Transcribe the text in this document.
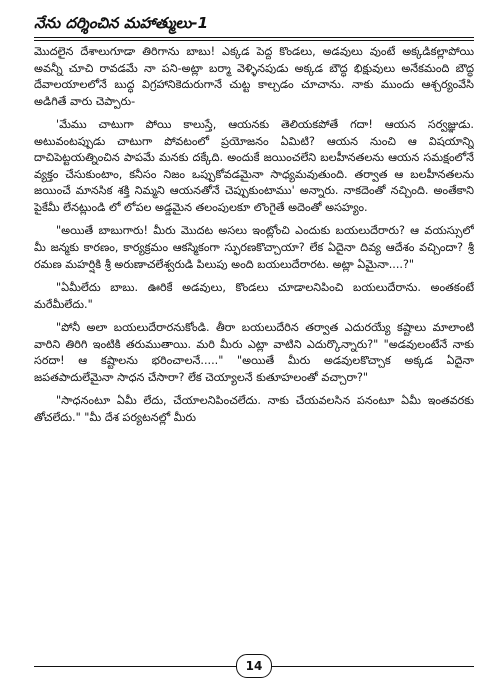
నేను దర్శించిన మహాత్ములు-1

మొదలైన దేశాలుగూడా తిరిగాను బాబు! ఎక్కడ పెద్ద కొండలు, అడవులు వుంటే అక్కడికల్లాపోయి అవన్నీ చూచి రావడమే నా పని-అట్లా బర్మా వెళ్ళినపుడు అక్కడ బౌద్ధ భిక్షువులు అనేకమంది బౌద్ధ దేవాలయాలలోనే బుద్ధ విగ్రహానికెదురుగానే చుట్ట కాల్చడం చూచాను. నాకు ముందు ఆశ్చర్యంవేసి అడిగితే వారు చెప్పారు-

'మేము చాటుగా పోయి కాలుస్తే, ఆయనకు తెలియకపోతే గదా! ఆయన సర్వజ్ఞుడు. అటువంటప్పుడు చాటుగా పోవటంలో ప్రయోజనం ఏమిటి? ఆయన నుంచి ఆ విషయాన్ని దాచిపెట్టయత్నించిన పాపమే మనకు దక్కేది. అందుకే జయించలేని బలహీనతలను ఆయన సమక్షంలోనే వ్యక్తం చేసుకుంటాం, కనీసం నిజం ఒప్పుకోవడమైనా సాధ్యమవుతుంది. తర్వాత ఆ బలహీనతలను జయించే మానసిక శక్తి నిమ్మని ఆయనతోనే చెప్పుకుంటాము' అన్నారు. నాకదెంతో నచ్చింది. అంతేకాని పైకేమీ లేనట్లుండి లో లోపల అడ్డమైన తలంపులకూ లొంగైతే అదెంతో అసహ్యం.

"అయితే బాబుగారు! మీరు మొదట అసలు ఇంట్లోంచి ఎందుకు బయలుదేరారు? ఆ వయస్సులో మీ జన్మకు కారణం, కార్యక్రమం ఆకస్మికంగా స్ఫురణకొచ్చాయా? లేక ఏదైనా దివ్య ఆదేశం వచ్చిందా? శ్రీ రమణ మహర్షికి శ్రీ అరుణాచలేశ్వరుడి పిలుపు అంది బయలుదేరారట. అట్లా ఏమైనా....?"

"ఏమీలేదు బాబు. ఊరికే అడవులు, కొండలు చూడాలనిపించి బయలుదేరాను. అంతకంటే మరేమీలేదు."

"పోనీ అలా బయలుదేరారనుకోండి. తీరా బయలుదేరిన తర్వాత ఎదురయ్యే కష్టాలు మాలాంటి వారిని తిరిగి ఇంటికి తరుముతాయి. మరి మీరు ఎట్లా వాటిని ఎదుర్కొన్నారు?" "అడవులంటేనే నాకు సరదా! ఆ కష్టాలను భరించాలనే....." "అయితే మీరు అడవులకొచ్చాక అక్కడ ఏదైనా జపతపాదులేమైనా సాధన చేసారా? లేక చెయ్యాలనే కుతూహలంతో వచ్చారా?"

"సాధనంటూ ఏమీ లేదు, చేయాలనిపించలేదు. నాకు చేయవలసిన పనంటూ ఏమీ ఇంతవరకు తోచలేదు." "మీ దేశ పర్యటనల్లో మీరు

14
